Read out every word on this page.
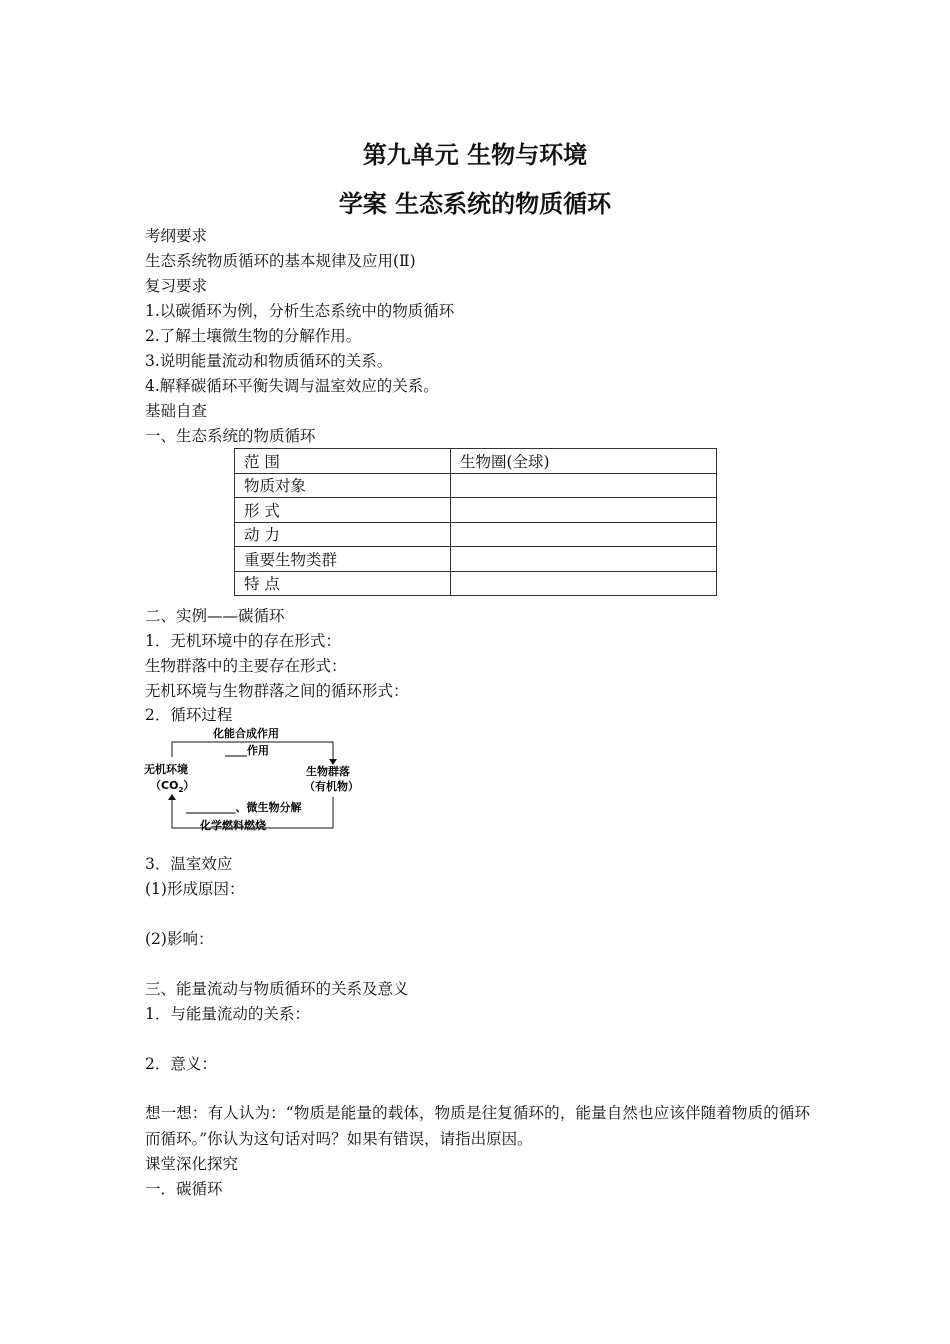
第九单元 生物与环境
学案 生态系统的物质循环
考纲要求
生态系统物质循环的基本规律及应用(Ⅱ)
复习要求
1.以碳循环为例，分析生态系统中的物质循环
2.了解土壤微生物的分解作用。
3.说明能量流动和物质循环的关系。
4.解释碳循环平衡失调与温室效应的关系。
基础自查
一、生态系统的物质循环
范 围	生物圈(全球)
物质对象	
形 式	
动 力	
重要生物类群	
特 点	
二、实例——碳循环
1．无机环境中的存在形式：
生物群落中的主要存在形式：
无机环境与生物群落之间的循环形式：
2．循环过程
化能合成作用
____作用
无机环境
$(CO_2)$
生物群落
（有机物）
_________、微生物分解
化学燃料燃烧
3．温室效应
(1)形成原因：
(2)影响：
三、能量流动与物质循环的关系及意义
1．与能量流动的关系：
2．意义：
想一想：有人认为：“物质是能量的载体，物质是往复循环的，能量自然也应该伴随着物质的循环而循环。”你认为这句话对吗？如果有错误，请指出原因。
课堂深化探究
一．碳循环
